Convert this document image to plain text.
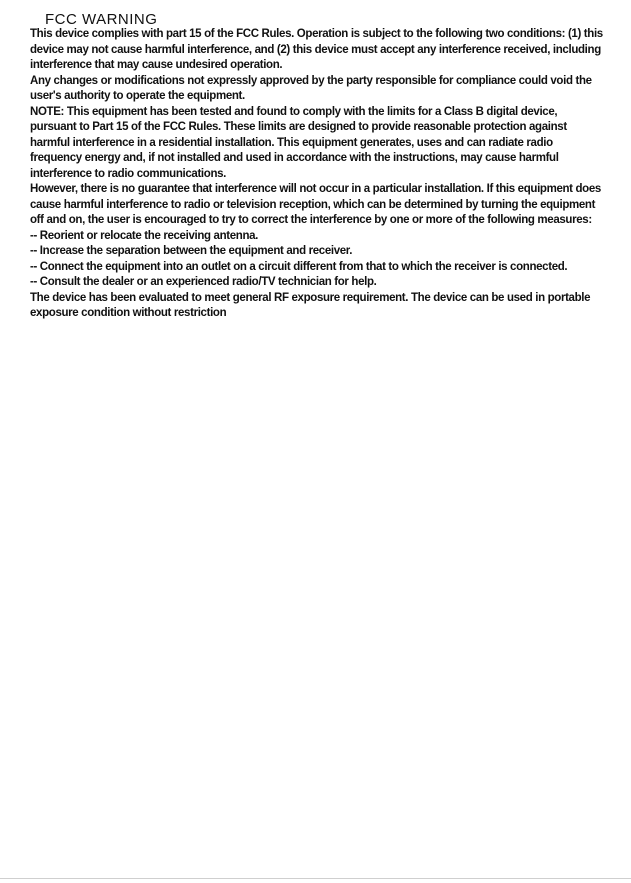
FCC WARNING

This device complies with part 15 of the FCC Rules. Operation is subject to the following two conditions: (1) this device may not cause harmful interference, and (2) this device must accept any interference received, including interference that may cause undesired operation.

Any changes or modifications not expressly approved by the party responsible for compliance could void the user's authority to operate the equipment.

NOTE: This equipment has been tested and found to comply with the limits for a Class B digital device, pursuant to Part 15 of the FCC Rules. These limits are designed to provide reasonable protection against harmful interference in a residential installation. This equipment generates, uses and can radiate radio frequency energy and, if not installed and used in accordance with the instructions, may cause harmful interference to radio communications.

However, there is no guarantee that interference will not occur in a particular installation. If this equipment does cause harmful interference to radio or television reception, which can be determined by turning the equipment off and on, the user is encouraged to try to correct the interference by one or more of the following measures:

-- Reorient or relocate the receiving antenna.

-- Increase the separation between the equipment and receiver.

-- Connect the equipment into an outlet on a circuit different from that to which the receiver is connected.

-- Consult the dealer or an experienced radio/TV technician for help.

The device has been evaluated to meet general RF exposure requirement. The device can be used in portable exposure condition without restriction
